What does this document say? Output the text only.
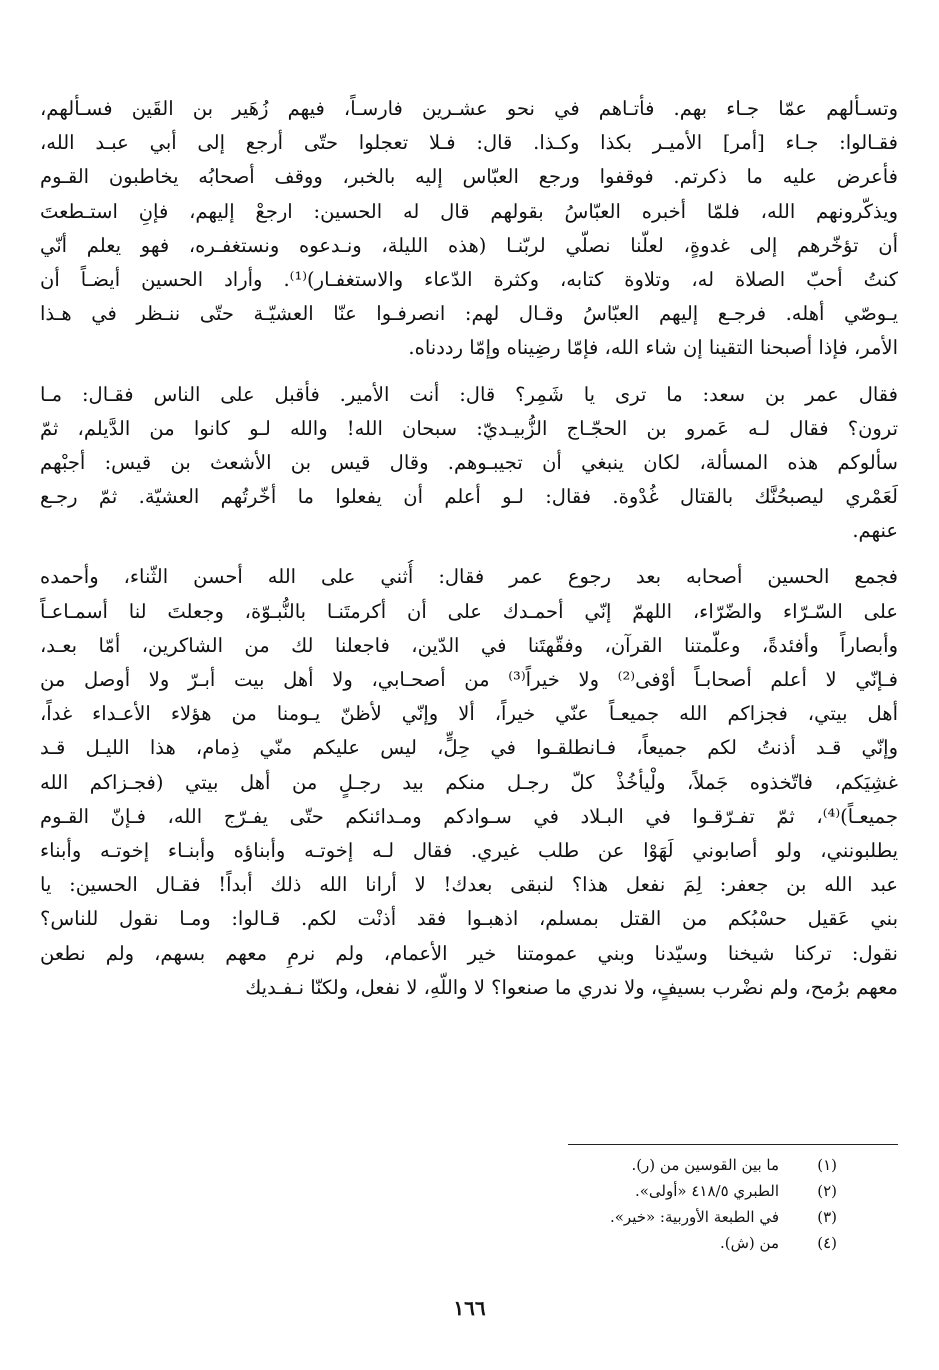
وتسـألهم عمّا جـاء بهم. فأتـاهم في نحو عشـرين فارسـاً، فيهم زُهَير بن القَين فسـألهم،
فقـالوا: جـاء [أمر] الأميـر بكذا وكـذا. قال: فـلا تعجلوا حتّى أرجع إلى أبي عبـد الله،
فأعرض عليه ما ذكرتم. فوقفوا ورجع العبّاس إليه بالخبر، ووقف أصحابُه يخاطبون القـوم
ويذكّرونهم الله، فلمّا أخبره العبّاسُ بقولهم قال له الحسين: ارجعْ إليهم، فإنِ استـطعتَ
أن تؤخّرهم إلى غدوةٍ، لعلّنا نصلّي لربّنـا (هذه الليلة، ونـدعوه ونستغفـره، فهو يعلم أنّي
كنتُ أحبّ الصلاة له، وتلاوة كتابه، وكثرة الدّعاء والاستغفـار)⁽¹⁾. وأراد الحسين أيضـاً أن
يـوصّي أهله. فرجـع إليهم العبّاسُ وقـال لهم: انصرفـوا عنّا العشيّـة حتّى ننـظر في هـذا
الأمر، فإذا أصبحنا التقينا إن شاء الله، فإمّا رضِيناه وإمّا رددناه.
فقال عمر بن سعد: ما ترى يا شَمِر؟ قال: أنت الأمير. فأقبل على الناس فقـال: مـا
ترون؟ فقال لـه عَمرو بن الحجّـاج الزُّبيـديّ: سبحان الله! والله لـو كانوا من الدَّيلم، ثمّ
سألوكم هذه المسألة، لكان ينبغي أن تجيبـوهم. وقال قيس بن الأشعث بن قيس: أجبْهم
لَعَمْري ليصبحُنَّك بالقتال غُدْوة. فقال: لـو أعلم أن يفعلوا ما أخّرتُهم العشيّة. ثمّ رجـع
عنهم.
فجمع الحسين أصحابه بعد رجوع عمر فقال: أُثني على الله أحسن الثّناء، وأحمده
على السّـرّاء والضّرّاء، اللهمّ إنّي أحمـدك على أن أكرمتَنـا بالنُّبـوّة، وجعلتَ لنا أسمـاعـاً
وأبصاراً وأفئدةً، وعلّمتنا القرآن، وفقّهتَنا في الدّين، فاجعلنا لك من الشاكرين، أمّا بعـد،
فـإنّي لا أعلم أصحابـاً أوْفى⁽²⁾ ولا خيراً⁽³⁾ من أصحـابي، ولا أهل بيت أبـرّ ولا أوصل من
أهل بيتي، فجزاكم الله جميعـاً عنّي خيراً، ألا وإنّي لأظنّ يـومنا من هؤلاء الأعـداء غداً،
وإنّي قـد أذنتُ لكم جميعاً، فـانطلقـوا في حِلٍّ، ليس عليكم منّي ذِمام، هذا الليـل قـد
غشِيَكم، فاتّخذوه جَملاً، ولْيأخُذْ كلّ رجـل منكم بيد رجـلٍ من أهل بيتي (فجـزاكم الله
جميعـاً)⁽⁴⁾، ثمّ تفـرّقـوا في البـلاد في سـوادكم ومـدائنكم حتّى يفـرّج الله، فـإنّ القـوم
يطلبونني، ولو أصابوني لَهَوْا عن طلب غيري. فقال لـه إخوتـه وأبناؤه وأبنـاء إخوتـه وأبناء
عبد الله بن جعفر: لِمَ نفعل هذا؟ لنبقى بعدك! لا أرانا الله ذلك أبداً! فقـال الحسين: يا
بني عَقيل حسْبُكم من القتل بمسلم، اذهبـوا فقد أذنْت لكم. قـالوا: ومـا نقول للناس؟
نقول: تركنا شيخنا وسيّدنا وبني عمومتنا خير الأعمام، ولم نرمِ معهم بسهم، ولم نطعن
معهم برُمح، ولم نضْرب بسيفٍ، ولا ندري ما صنعوا؟ لا واللّهِ، لا نفعل، ولكنّا نـفـديك
(١)
ما بين القوسين من (ر).
(٢)
الطبري ٤١٨/٥ «أولى».
(٣)
في الطبعة الأوربية: «خير».
(٤)
من (ش).
١٦٦
